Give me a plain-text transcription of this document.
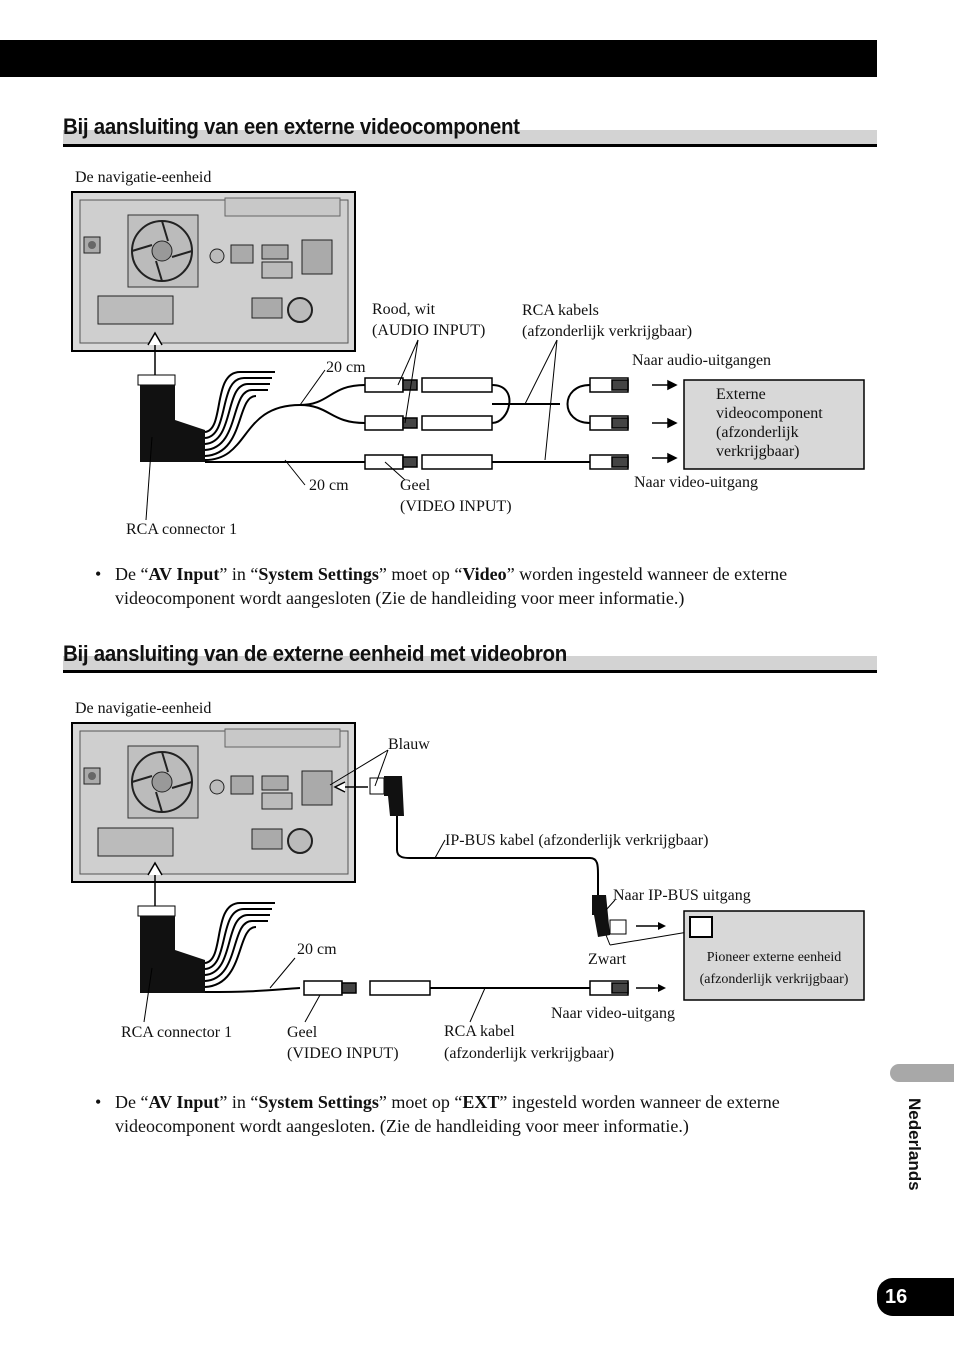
Bij aansluiting van een externe videocomponent
De navigatie-eenheid
Rood, wit
(AUDIO INPUT)
RCA kabels
(afzonderlijk verkrijgbaar)
Naar audio-uitgangen
20 cm
20 cm	Geel
(VIDEO INPUT)
Naar video-uitgang
RCA connector 1
Externe
videocomponent
(afzonderlijk
verkrijgbaar)
• De “AV Input” in “System Settings” moet op “Video” worden ingesteld wanneer de externe videocomponent wordt aangesloten (Zie de handleiding voor meer informatie.)
Bij aansluiting van de externe eenheid met videobron
De navigatie-eenheid
Blauw
IP-BUS kabel (afzonderlijk verkrijgbaar)
Naar IP-BUS uitgang
20 cm
Zwart	Pioneer externe eenheid
(afzonderlijk verkrijgbaar)
Naar video-uitgang
RCA connector 1	Geel
(VIDEO INPUT)
RCA kabel
(afzonderlijk verkrijgbaar)
• De “AV Input” in “System Settings” moet op “EXT” ingesteld worden wanneer de externe videocomponent wordt aangesloten. (Zie de handleiding voor meer informatie.)	Nederlands
16
